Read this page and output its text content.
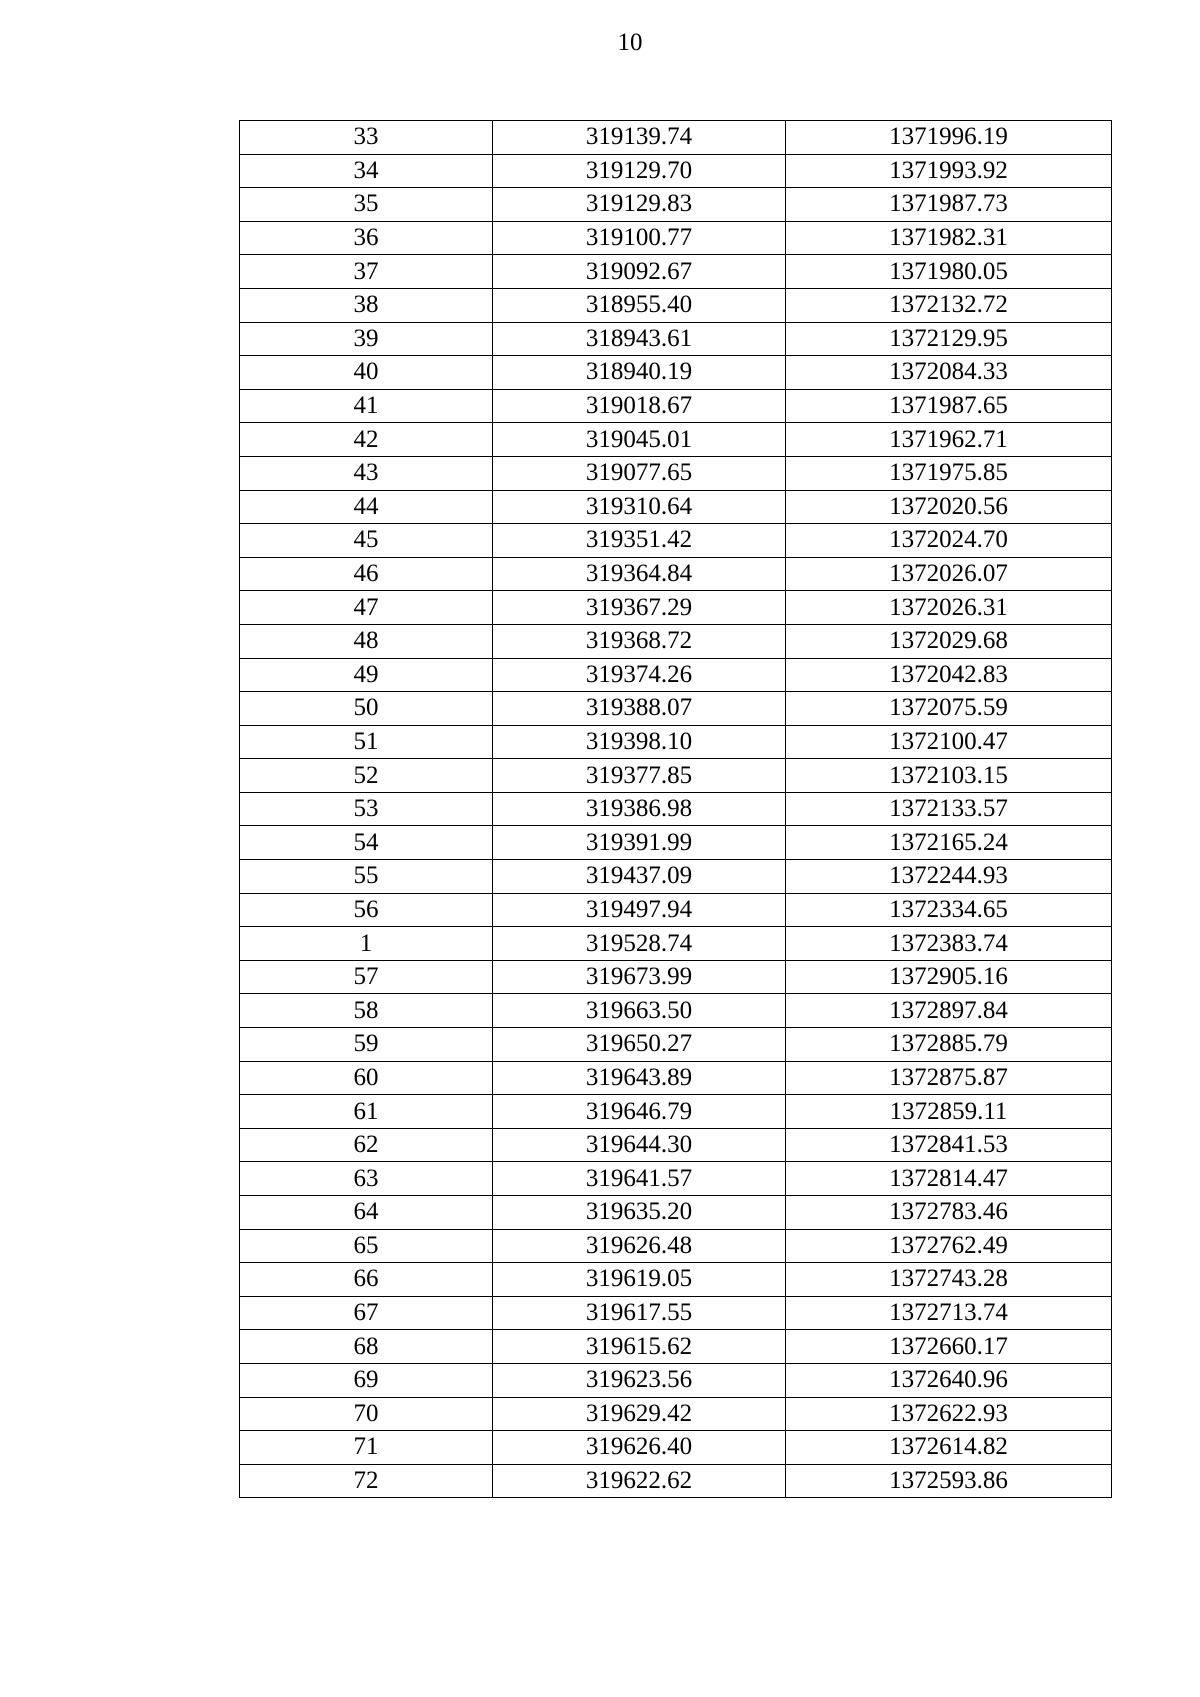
10
33	319139.74	1371996.19
34	319129.70	1371993.92
35	319129.83	1371987.73
36	319100.77	1371982.31
37	319092.67	1371980.05
38	318955.40	1372132.72
39	318943.61	1372129.95
40	318940.19	1372084.33
41	319018.67	1371987.65
42	319045.01	1371962.71
43	319077.65	1371975.85
44	319310.64	1372020.56
45	319351.42	1372024.70
46	319364.84	1372026.07
47	319367.29	1372026.31
48	319368.72	1372029.68
49	319374.26	1372042.83
50	319388.07	1372075.59
51	319398.10	1372100.47
52	319377.85	1372103.15
53	319386.98	1372133.57
54	319391.99	1372165.24
55	319437.09	1372244.93
56	319497.94	1372334.65
1	319528.74	1372383.74
57	319673.99	1372905.16
58	319663.50	1372897.84
59	319650.27	1372885.79
60	319643.89	1372875.87
61	319646.79	1372859.11
62	319644.30	1372841.53
63	319641.57	1372814.47
64	319635.20	1372783.46
65	319626.48	1372762.49
66	319619.05	1372743.28
67	319617.55	1372713.74
68	319615.62	1372660.17
69	319623.56	1372640.96
70	319629.42	1372622.93
71	319626.40	1372614.82
72	319622.62	1372593.86
